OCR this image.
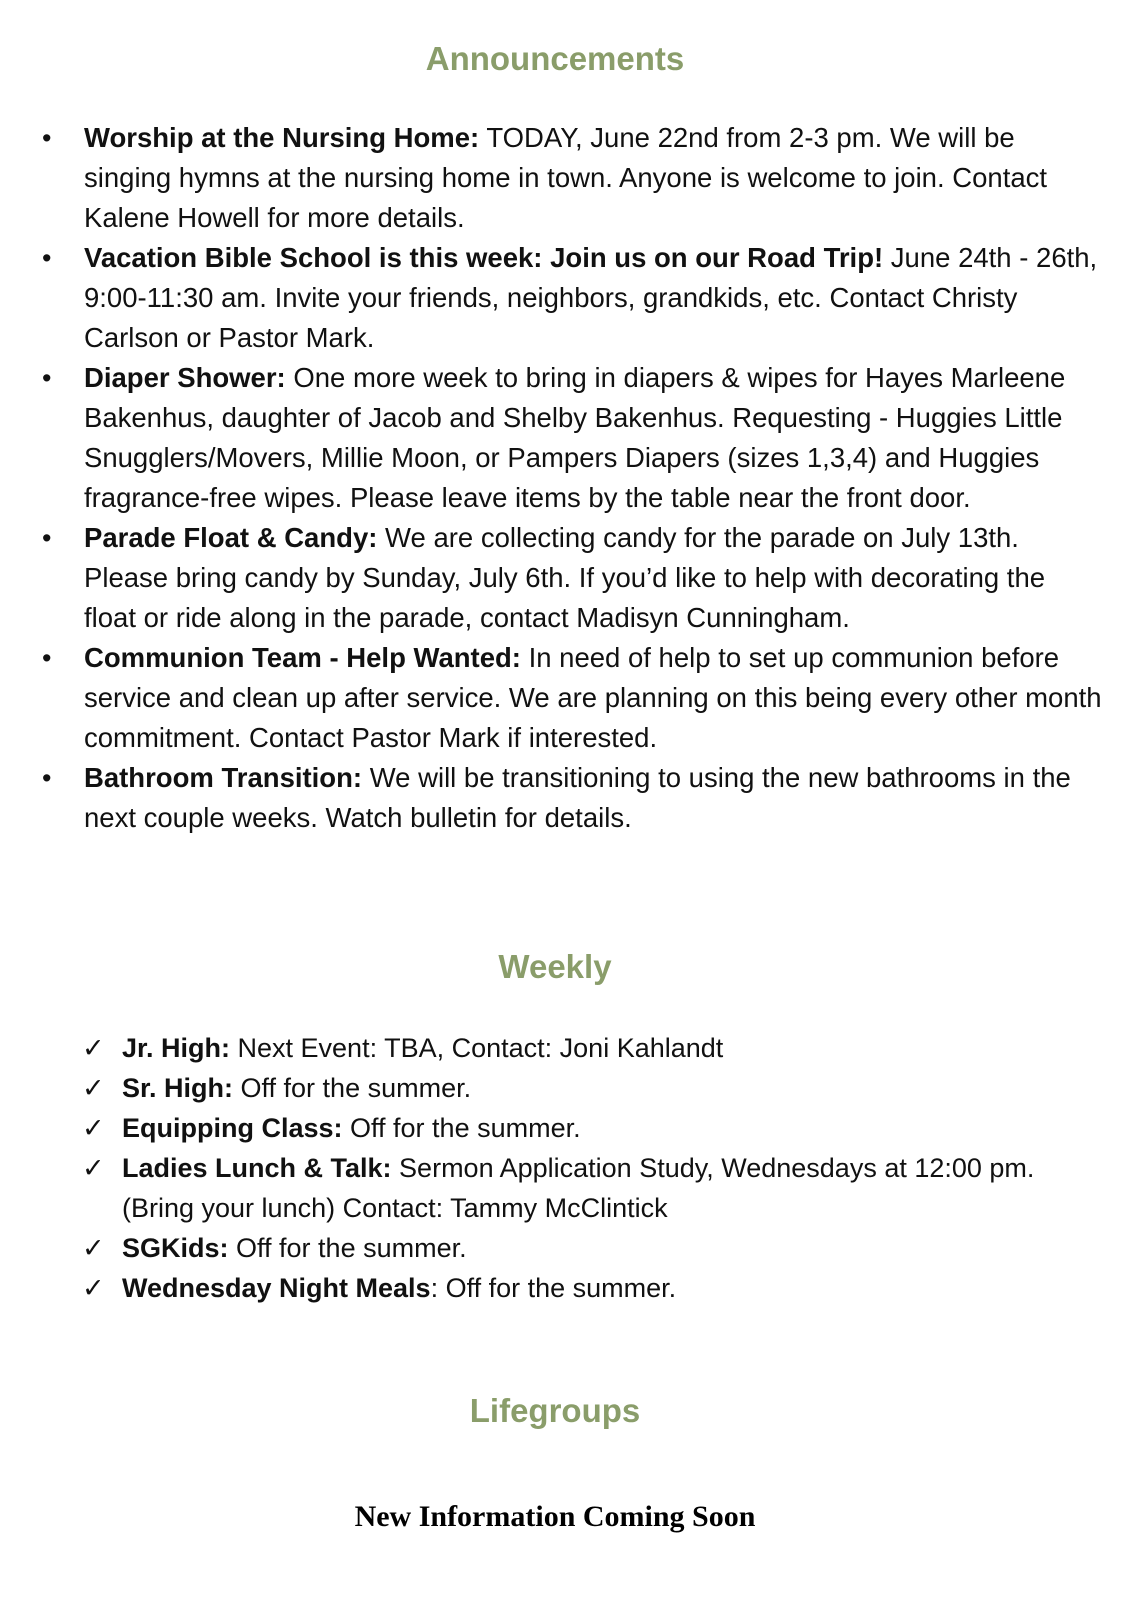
Announcements
• Worship at the Nursing Home: TODAY, June 22nd from 2-3 pm. We will be singing hymns at the nursing home in town. Anyone is welcome to join. Contact Kalene Howell for more details.
• Vacation Bible School is this week: Join us on our Road Trip! June 24th - 26th, 9:00-11:30 am. Invite your friends, neighbors, grandkids, etc. Contact Christy Carlson or Pastor Mark.
• Diaper Shower: One more week to bring in diapers & wipes for Hayes Marleene Bakenhus, daughter of Jacob and Shelby Bakenhus. Requesting - Huggies Little Snugglers/Movers, Millie Moon, or Pampers Diapers (sizes 1,3,4) and Huggies fragrance-free wipes. Please leave items by the table near the front door.
• Parade Float & Candy: We are collecting candy for the parade on July 13th. Please bring candy by Sunday, July 6th. If you’d like to help with decorating the float or ride along in the parade, contact Madisyn Cunningham.
• Communion Team - Help Wanted: In need of help to set up communion before service and clean up after service. We are planning on this being every other month commitment. Contact Pastor Mark if interested.
• Bathroom Transition: We will be transitioning to using the new bathrooms in the next couple weeks. Watch bulletin for details.
Weekly
✓ Jr. High: Next Event: TBA, Contact: Joni Kahlandt
✓ Sr. High: Off for the summer.
✓ Equipping Class: Off for the summer.
✓ Ladies Lunch & Talk: Sermon Application Study, Wednesdays at 12:00 pm. (Bring your lunch) Contact: Tammy McClintick
✓ SGKids: Off for the summer.
✓ Wednesday Night Meals: Off for the summer.
Lifegroups
New Information Coming Soon
